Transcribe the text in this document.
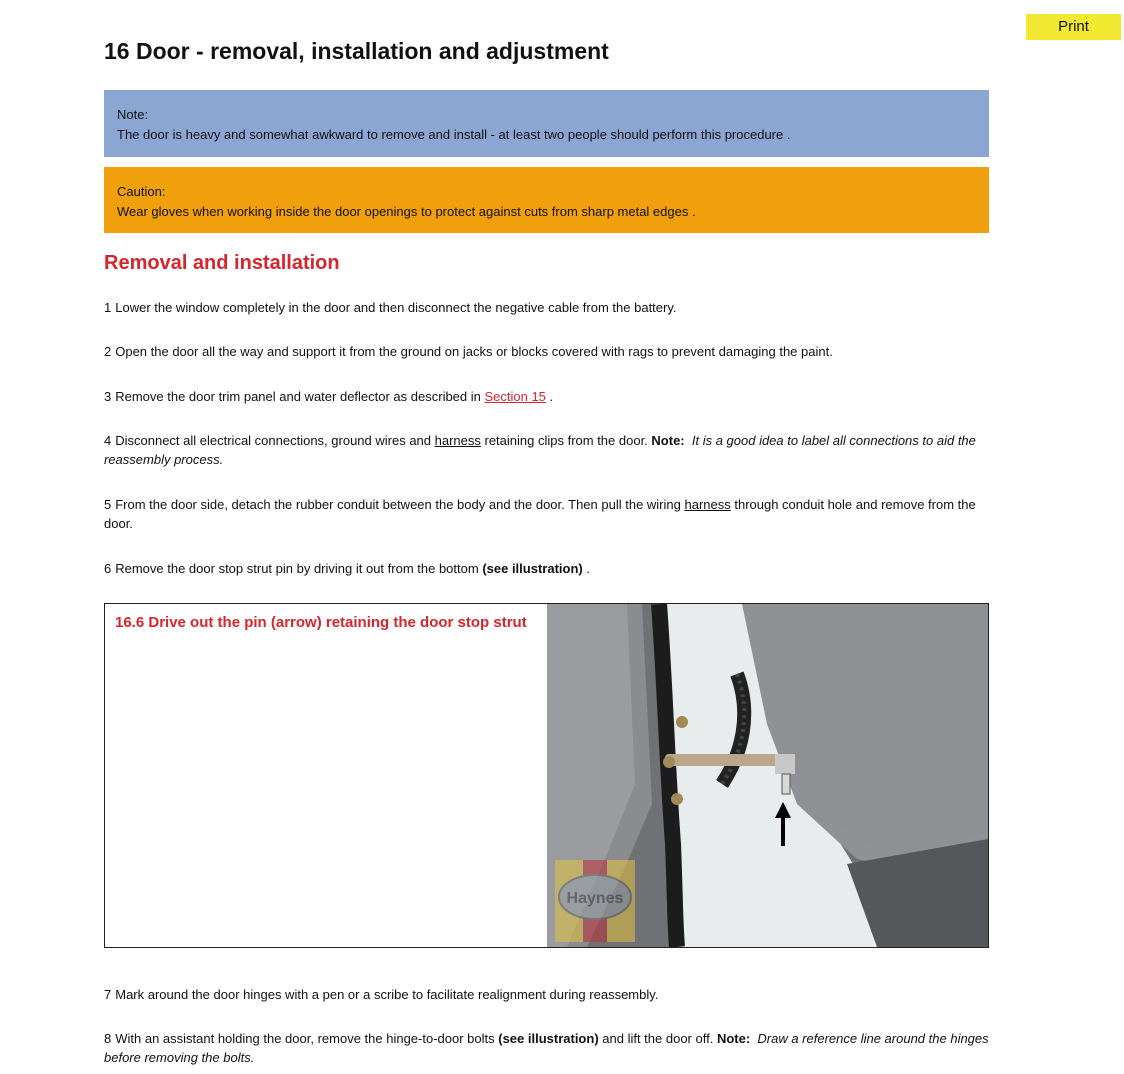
Print
16 Door - removal, installation and adjustment
Note:
The door is heavy and somewhat awkward to remove and install - at least two people should perform this procedure .
Caution:
Wear gloves when working inside the door openings to protect against cuts from sharp metal edges .
Removal and installation

1 Lower the window completely in the door and then disconnect the negative cable from the battery.

2 Open the door all the way and support it from the ground on jacks or blocks covered with rags to prevent damaging the paint.

3 Remove the door trim panel and water deflector as described in Section 15 .

4 Disconnect all electrical connections, ground wires and harness retaining clips from the door. Note: It is a good idea to label all connections to aid the reassembly process.

5 From the door side, detach the rubber conduit between the body and the door. Then pull the wiring harness through conduit hole and remove from the door.

6 Remove the door stop strut pin by driving it out from the bottom (see illustration) .

16.6 Drive out the pin (arrow) retaining the door stop strut
Haynes

7 Mark around the door hinges with a pen or a scribe to facilitate realignment during reassembly.

8 With an assistant holding the door, remove the hinge-to-door bolts (see illustration) and lift the door off. Note: Draw a reference line around the hinges before removing the bolts.
